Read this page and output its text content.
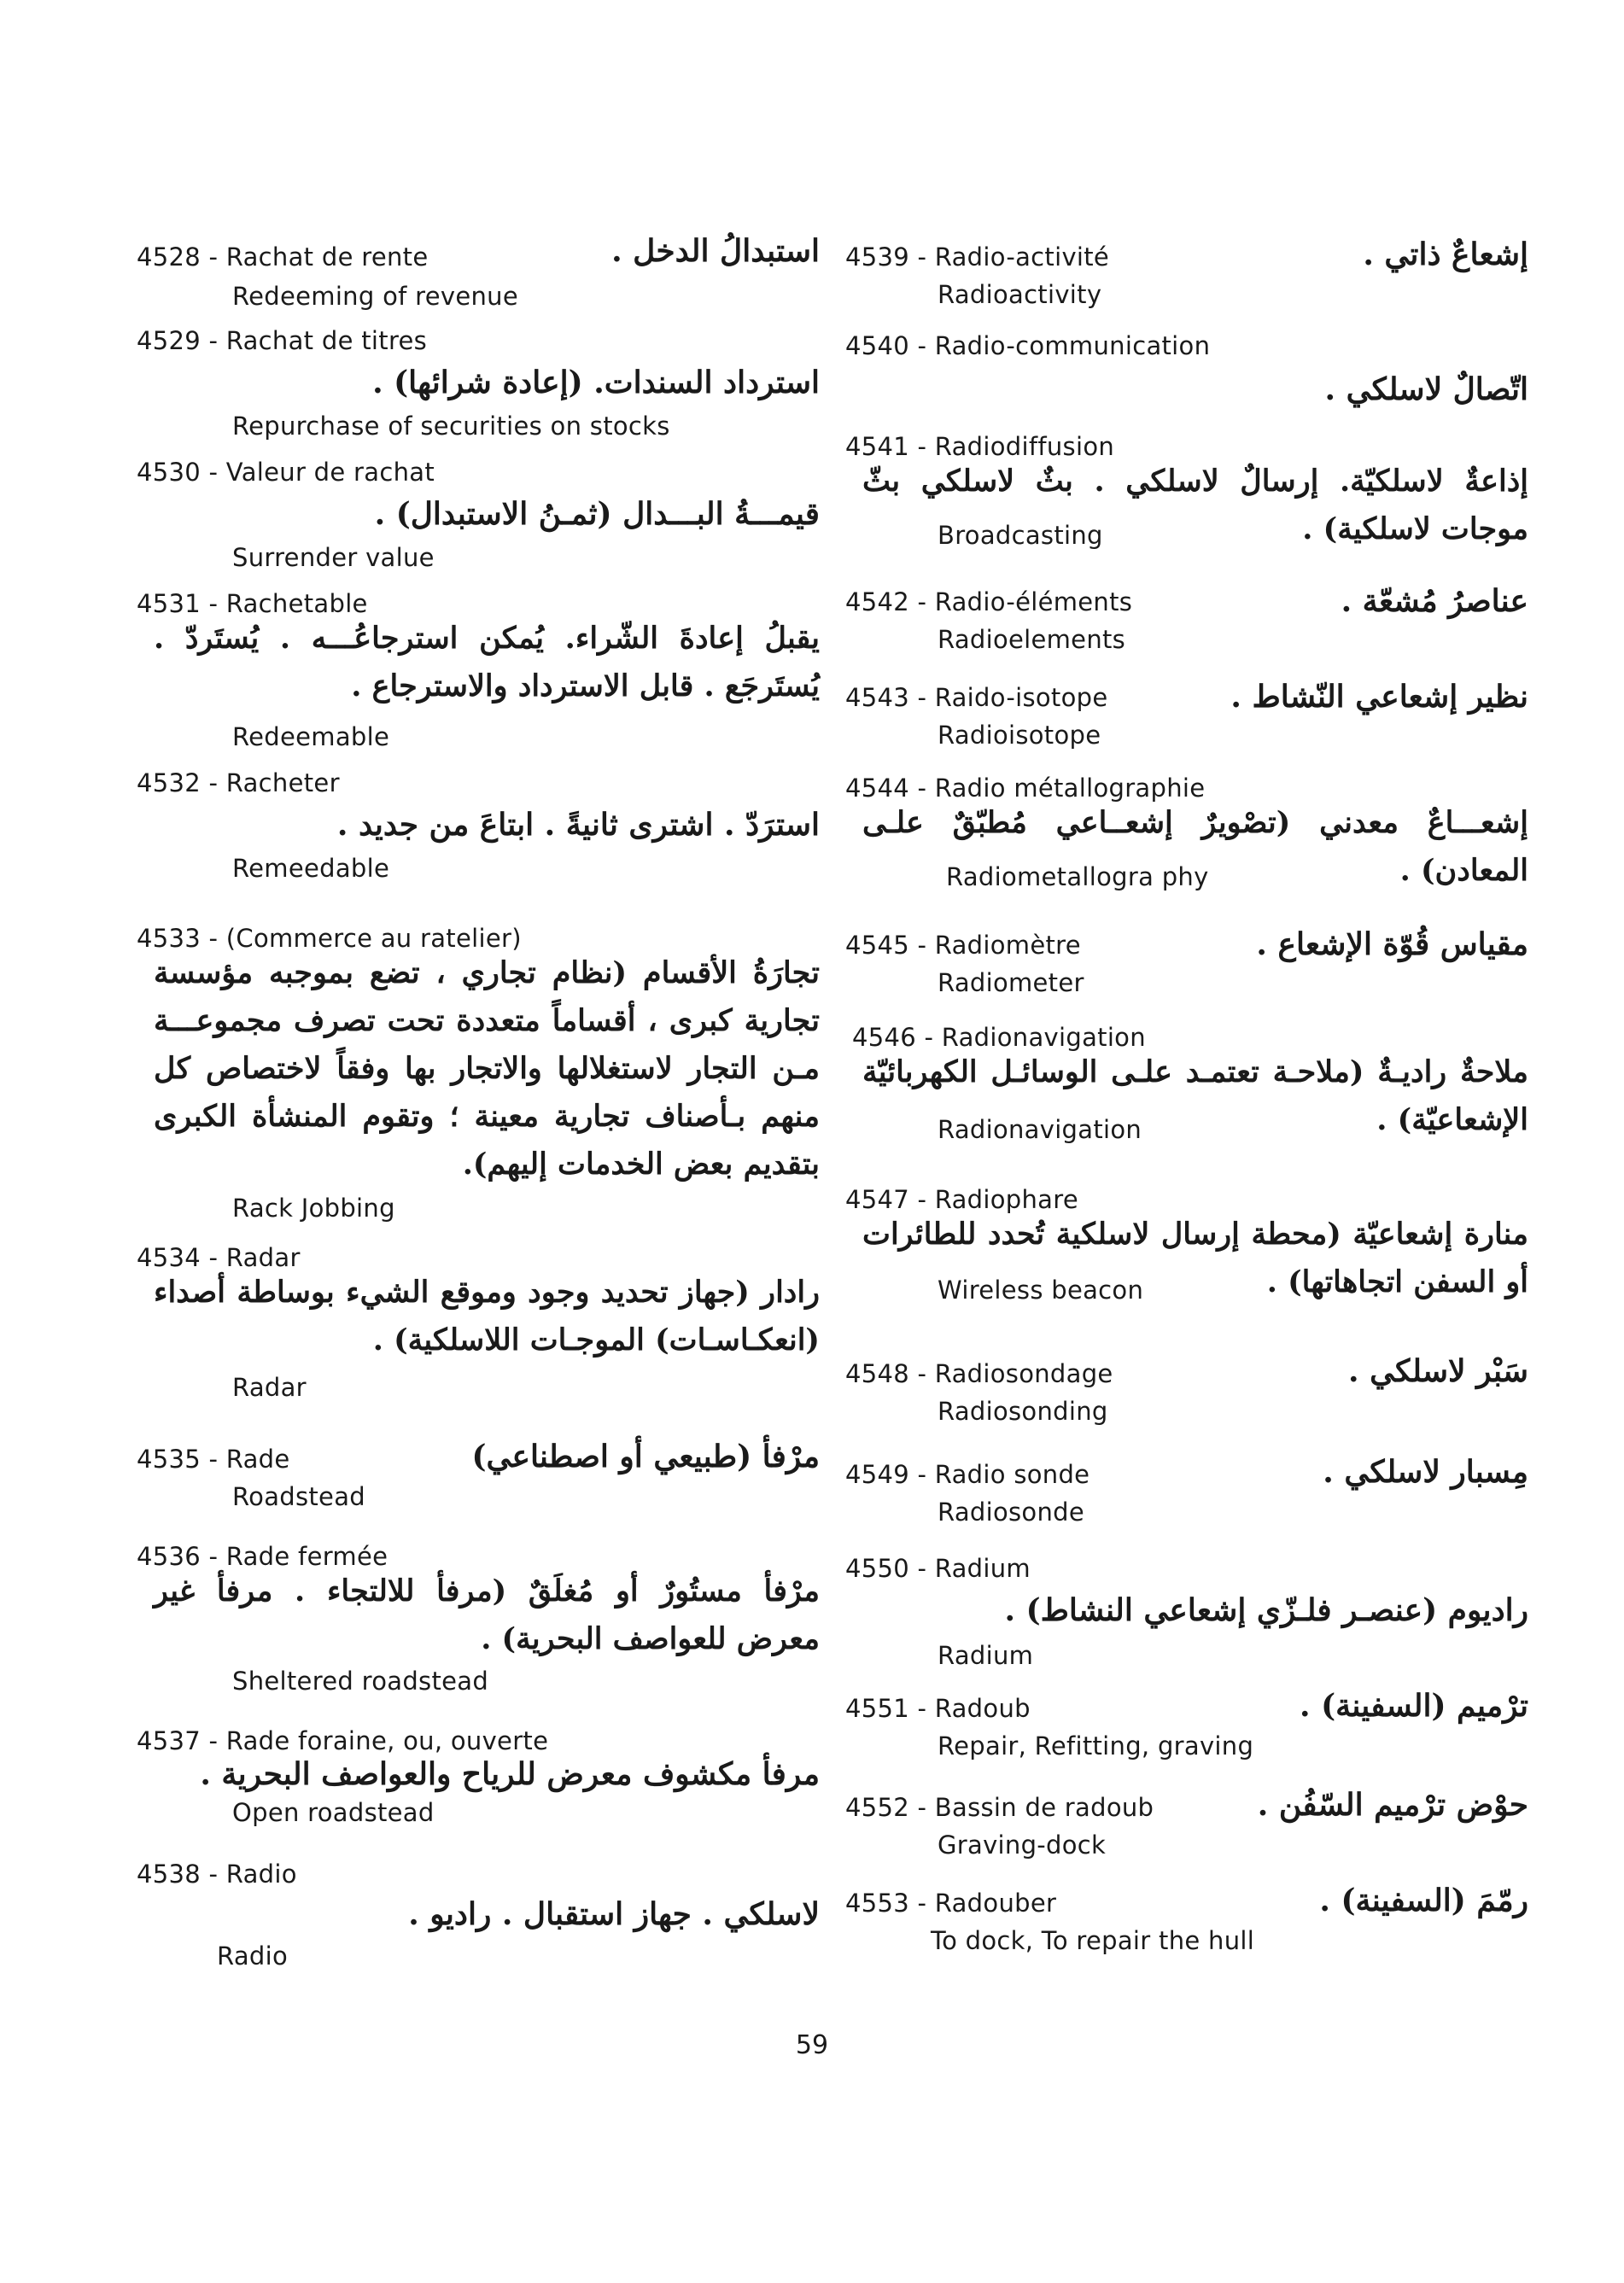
4528 - Rachat de rente	استبدالُ الدخل .
Redeeming of revenue
4529 - Rachat de titres
استرداد السندات. (إعادة شرائها) .
Repurchase of securities on stocks
4530 - Valeur de rachat
قيمـــةُ البـــدال (ثمـنُ الاستبدال) .
Surrender value
4531 - Rachetable
يقبلُ إعادةَ الشّراء. يُمكن استرجاعُـــه . يُستَردّ . يُستَرجَع . قابل الاسترداد والاسترجاع .
Redeemable
4532 - Racheter
استرَدّ . اشترى ثانيةً . ابتاعَ من جديد .
Remeedable
4533 - (Commerce au ratelier)
تجارَةُ الأقسام (نظام تجاري ، تضع بموجبه مؤسسة تجارية كبرى ، أقساماً متعددة تحت تصرف مجموعـــة مـن التجار لاستغلالها والاتجار بها وفقاً لاختصاص كل منهم بـأصناف تجارية معينة ؛ وتقوم المنشأة الكبرى بتقديم بعض الخدمات إليهم).
Rack Jobbing
4534 - Radar
رادار (جهاز تحديد وجود وموقع الشيء بوساطة أصداء (انعكـاسـات) الموجـات اللاسلكية) .
Radar
4535 - Rade	مرْفأ (طبيعي أو اصطناعي)
Roadstead
4536 - Rade fermée
مرْفأ مستُورٌ أو مُغلَقٌ (مرفأ للالتجاء . مرفأ غير معرض للعواصف البحرية) .
Sheltered roadstead
4537 - Rade foraine, ou, ouverte
مرفأ مكشوف معرض للرياح والعواصف البحرية .
Open roadstead
4538 - Radio
لاسلكي . جهاز استقبال . راديو .
Radio
4539 - Radio-activité	إشعاعٌ ذاتي .
Radioactivity
4540 - Radio-communication
اتّصالٌ لاسلكي .
4541 - Radiodiffusion
إذاعةٌ لاسلكيّة. إرسالٌ لاسلكي . بثٌ لاسلكي بثّ موجات لاسلكية) .
Broadcasting
4542 - Radio-éléments	عناصرُ مُشعّة .
Radioelements
4543 - Raido-isotope	نظير إشعاعي النّشاط .
Radioisotope
4544 - Radio métallographie
إشعـــاعٌ معدني (تصْويرٌ إشعــاعي مُطبّقٌ علـى المعادن) .
Radiometallogra phy
4545 - Radiomètre	مقياس قُوّة الإشعاع .
Radiometer
4546 - Radionavigation
ملاحةٌ راديـةٌ (ملاحـة تعتمـد علـى الوسائـل الكهربائيّة الإشعاعيّة) .
Radionavigation
4547 - Radiophare
منارة إشعاعيّة (محطة إرسال لاسلكية تُحدد للطائرات أو السفن اتجاهاتها) .
Wireless beacon
4548 - Radiosondage	سَبْر لاسلكي .
Radiosonding
4549 - Radio sonde	مِسبار لاسلكي .
Radiosonde
4550 - Radium
راديوم (عنصـر فلـزّي إشعاعي النشاط) .
Radium
4551 - Radoub	ترْميم (السفينة) .
Repair, Refitting, graving
4552 - Bassin de radoub	حوْض ترْميم السّفُن .
Graving-dock
4553 - Radouber	رمّمَ (السفينة) .
To dock, To repair the hull
59
